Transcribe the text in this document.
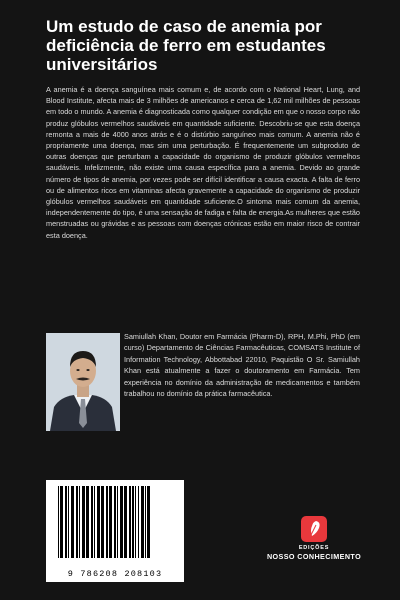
Um estudo de caso de anemia por deficiência de ferro em estudantes universitários

A anemia é a doença sanguínea mais comum e, de acordo com o National Heart, Lung, and Blood Institute, afecta mais de 3 milhões de americanos e cerca de 1,62 mil milhões de pessoas em todo o mundo. A anemia é diagnosticada como qualquer condição em que o nosso corpo não produz glóbulos vermelhos saudáveis em quantidade suficiente. Descobriu-se que esta doença remonta a mais de 4000 anos atrás e é o distúrbio sanguíneo mais comum. A anemia não é propriamente uma doença, mas sim uma perturbação. É frequentemente um subproduto de outras doenças que perturbam a capacidade do organismo de produzir glóbulos vermelhos saudáveis. Infelizmente, não existe uma causa específica para a anemia. Devido ao grande número de tipos de anemia, por vezes pode ser difícil identificar a causa exacta. A falta de ferro ou de alimentos ricos em vitaminas afecta gravemente a capacidade do organismo de produzir glóbulos vermelhos saudáveis em quantidade suficiente.O sintoma mais comum da anemia, independentemente do tipo, é uma sensação de fadiga e falta de energia.As mulheres que estão menstruadas ou grávidas e as pessoas com doenças crónicas estão em maior risco de contrair esta doença.

Samiullah Khan, Doutor em Farmácia (Pharm-D), RPH, M.Phi, PhD (em curso) Departamento de Ciências Farmacêuticas, COMSATS Institute of Information Technology, Abbottabad 22010, Paquistão O Sr. Samiullah Khan está atualmente a fazer o doutoramento em Farmácia. Tem experiência no domínio da administração de medicamentos e também trabalhou no domínio da prática farmacêutica.

9 786208 208103
EDIÇÕES
NOSSO CONHECIMENTO
